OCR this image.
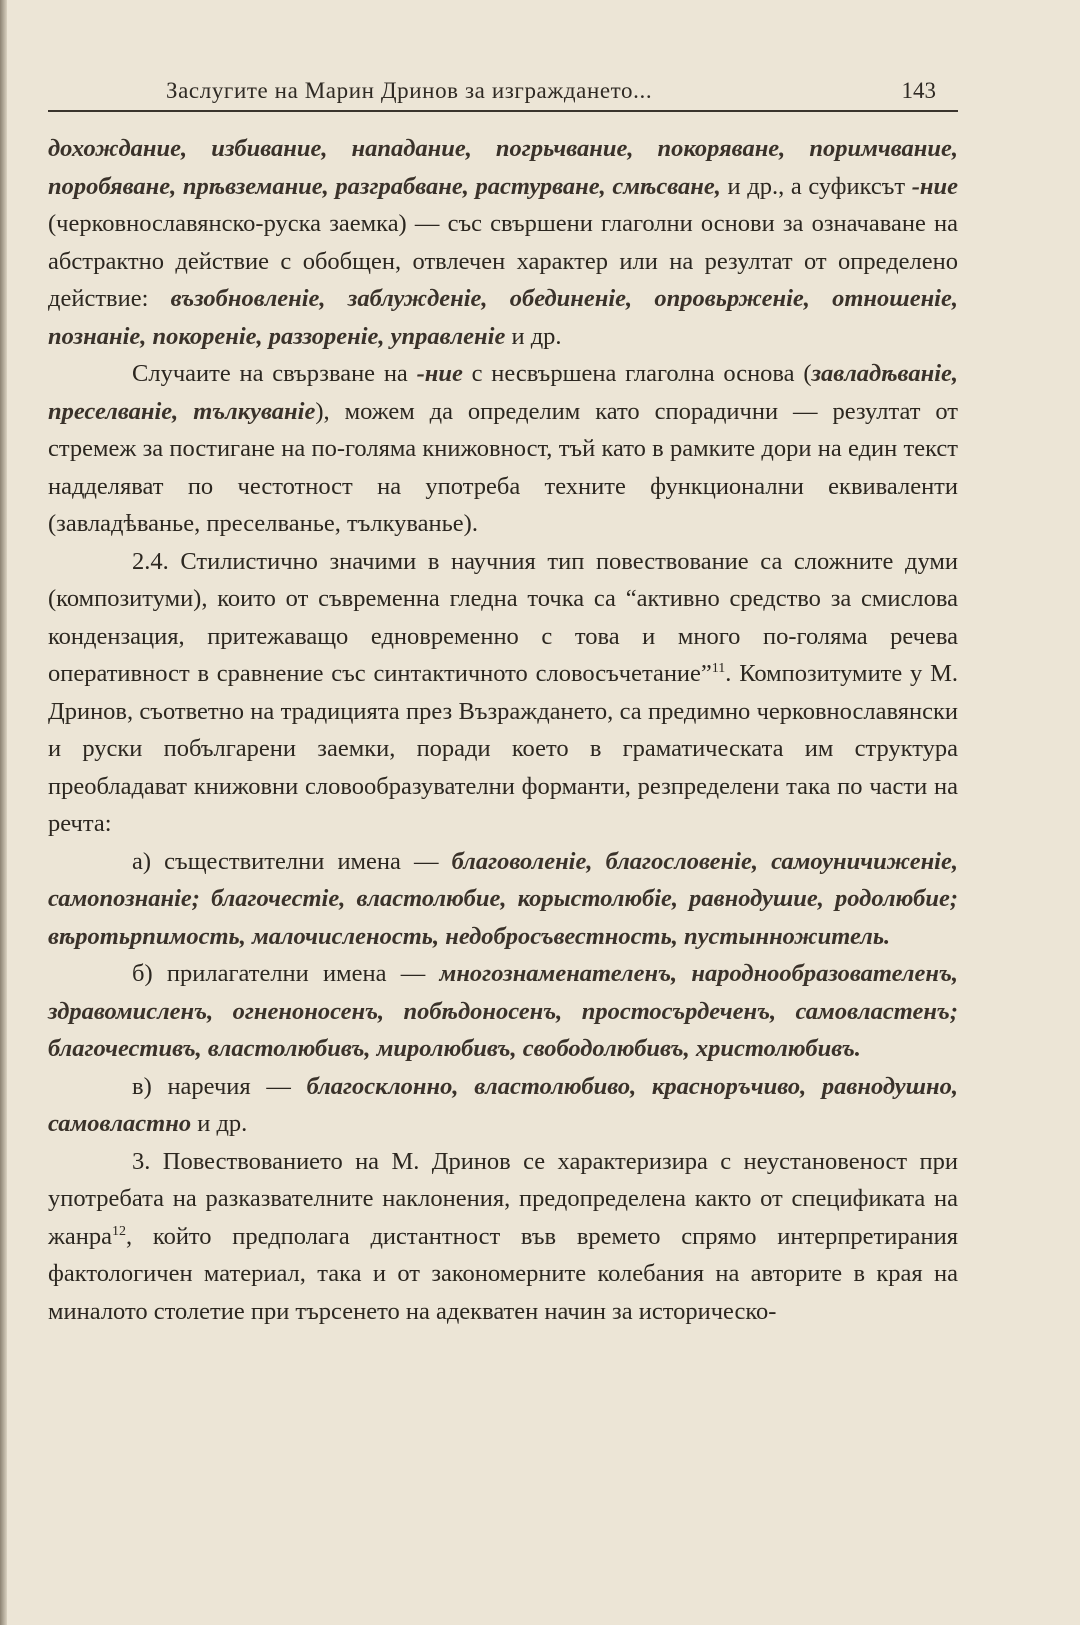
Заслугите на Марин Дринов за изграждането...	143

дохождание, избивание, нападание, погрьчвание, покоряване, поримчвание, поробяване, прѣвземание, разграбване, растурване, смѣсване, и др., а суфиксът -ние (черковнославянско-руска заемка) — със свършени глаголни основи за означаване на абстрактно действие с обобщен, отвлечен характер или на резултат от определено действие: възобновленіе, заблужденіе, обединеніе, опровьрженіе, отношеніе, познаніе, покореніе, раззореніе, управленіе и др.

Случаите на свързване на -ние с несвършена глаголна основа (завладѣваніе, преселваніе, тълкуваніе), можем да определим като спорадични — резултат от стремеж за постигане на по-голяма книжовност, тъй като в рамките дори на един текст надделяват по честотност на употреба техните функционални еквиваленти (завладѣванье, преселванье, тълкуванье).

2.4. Стилистично значими в научния тип повествование са сложните думи (композитуми), които от съвременна гледна точка са “активно средство за смислова кондензация, притежаващо едновременно с това и много по-голяма речева оперативност в сравнение със синтактичното словосъчетание”$^{11}$. Композитумите у М. Дринов, съответно на традицията през Възраждането, са предимно черковнославянски и руски побългарени заемки, поради което в граматическата им структура преобладават книжовни словообразувателни форманти, резпределени така по части на речта:

а) съществителни имена — благоволеніе, благословеніе, самоуничиженіе, самопознаніе; благочестіе, властолюбие, корыстолюбіе, равнодушие, родолюбие; вѣротьрпимость, малочисленость, недобросъвестность, пустынножитель.

б) прилагателни имена — многознаменателенъ, народнообразователенъ, здравомисленъ, огненоносенъ, побѣдоносенъ, простосърдеченъ, самовластенъ; благочестивъ, властолюбивъ, миролюбивъ, свободолюбивъ, христолюбивъ.

в) наречия — благосклонно, властолюбиво, красноръчиво, равнодушно, самовластно и др.

3. Повествованието на М. Дринов се характеризира с неустановеност при употребата на разказвателните наклонения, предопределена както от спецификата на жанра$^{12}$, който предполага дистантност във времето спрямо интерпретирания фактологичен материал, така и от закономерните колебания на авторите в края на миналото столетие при търсенето на адекватен начин за историческо-
